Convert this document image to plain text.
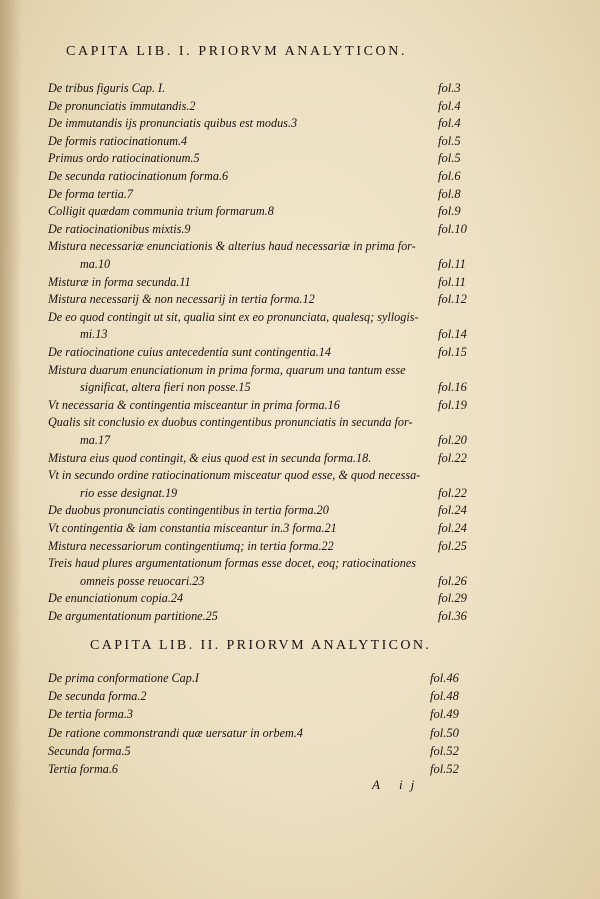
CAPITA LIB. I. PRIORVM ANALYTICON.
De tribus figuris Cap. I.	fol.3
De pronunciatis immutandis.2	fol.4
De immutandis ijs pronunciatis quibus est modus.3	fol.4
De formis ratiocinationum.4	fol.5
Primus ordo ratiocinationum.5	fol.5
De secunda ratiocinationum forma.6	fol.6
De forma tertia.7	fol.8
Colligit quædam communia trium formarum.8	fol.9
De ratiocinationibus mixtis.9	fol.10
Mistura necessariæ enunciationis & alterius haud necessariæ in prima for-
ma.10	fol.11
Misturæ in forma secunda.11	fol.11
Mistura necessarij & non necessarij in tertia forma.12	fol.12
De eo quod contingit ut sit, qualia sint ex eo pronunciata, qualesq; syllogis-
mi.13	fol.14
De ratiocinatione cuius antecedentia sunt contingentia.14	fol.15
Mistura duarum enunciationum in prima forma, quarum una tantum esse
significat, altera fieri non posse.15	fol.16
Vt necessaria & contingentia misceantur in prima forma.16	fol.19
Qualis sit conclusio ex duobus contingentibus pronunciatis in secunda for-
ma.17	fol.20
Mistura eius quod contingit, & eius quod est in secunda forma.18.	fol.22
Vt in secundo ordine ratiocinationum misceatur quod esse, & quod necessa-
rio esse designat.19	fol.22
De duobus pronunciatis contingentibus in tertia forma.20	fol.24
Vt contingentia & iam constantia misceantur in.3 forma.21	fol.24
Mistura necessariorum contingentiumq; in tertia forma.22	fol.25
Treis haud plures argumentationum formas esse docet, eoq; ratiocinationes
omneis posse reuocari.23	fol.26
De enunciationum copia.24	fol.29
De argumentationum partitione.25	fol.36
De prima conformatione Cap.I	fol.46
De secunda forma.2	fol.48
De tertia forma.3	fol.49
De ratione commonstrandi quæ uersatur in orbem.4	fol.50
Secunda forma.5	fol.52
Tertia forma.6	fol.52
CAPITA LIB. II. PRIORVM ANALYTICON.
A ij
